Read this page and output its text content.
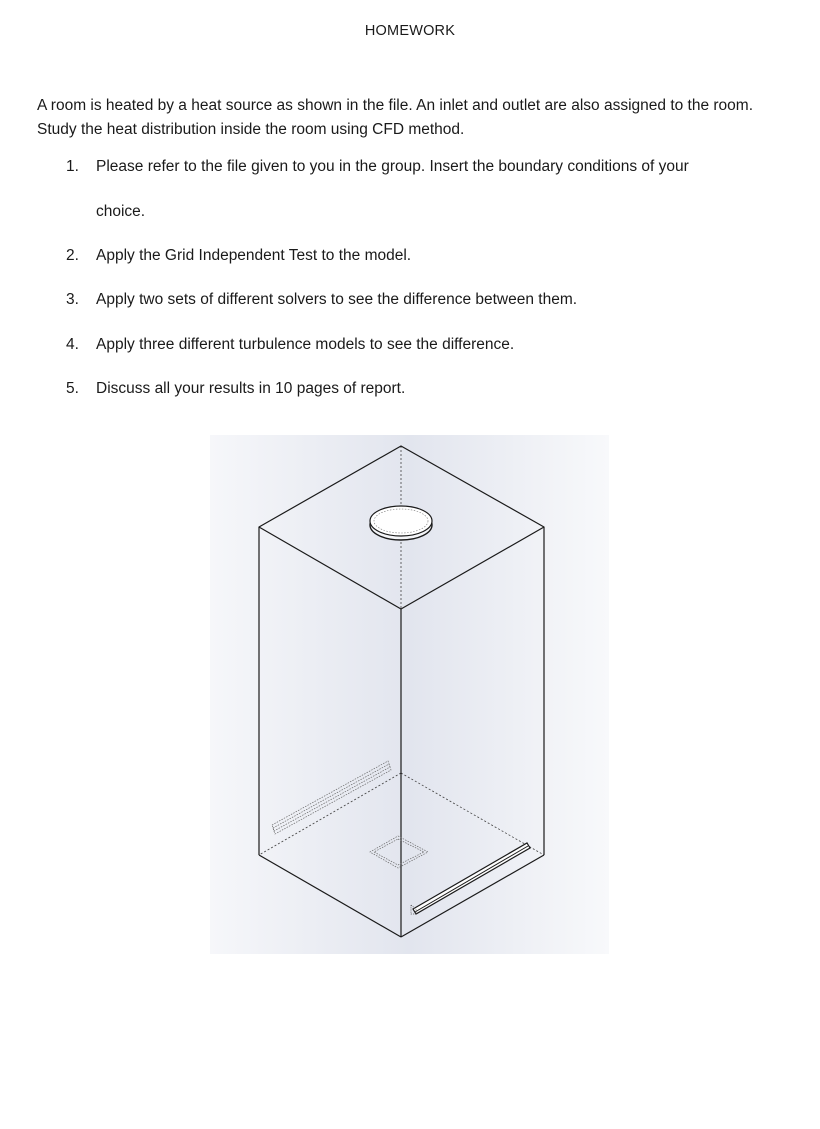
HOMEWORK
A room is heated by a heat source as shown in the file. An inlet and outlet are also assigned to the room. Study the heat distribution inside the room using CFD method.
1. Please refer to the file given to you in the group. Insert the boundary conditions of your
choice.
2. Apply the Grid Independent Test to the model.
3. Apply two sets of different solvers to see the difference between them.
4. Apply three different turbulence models to see the difference.
5. Discuss all your results in 10 pages of report.
